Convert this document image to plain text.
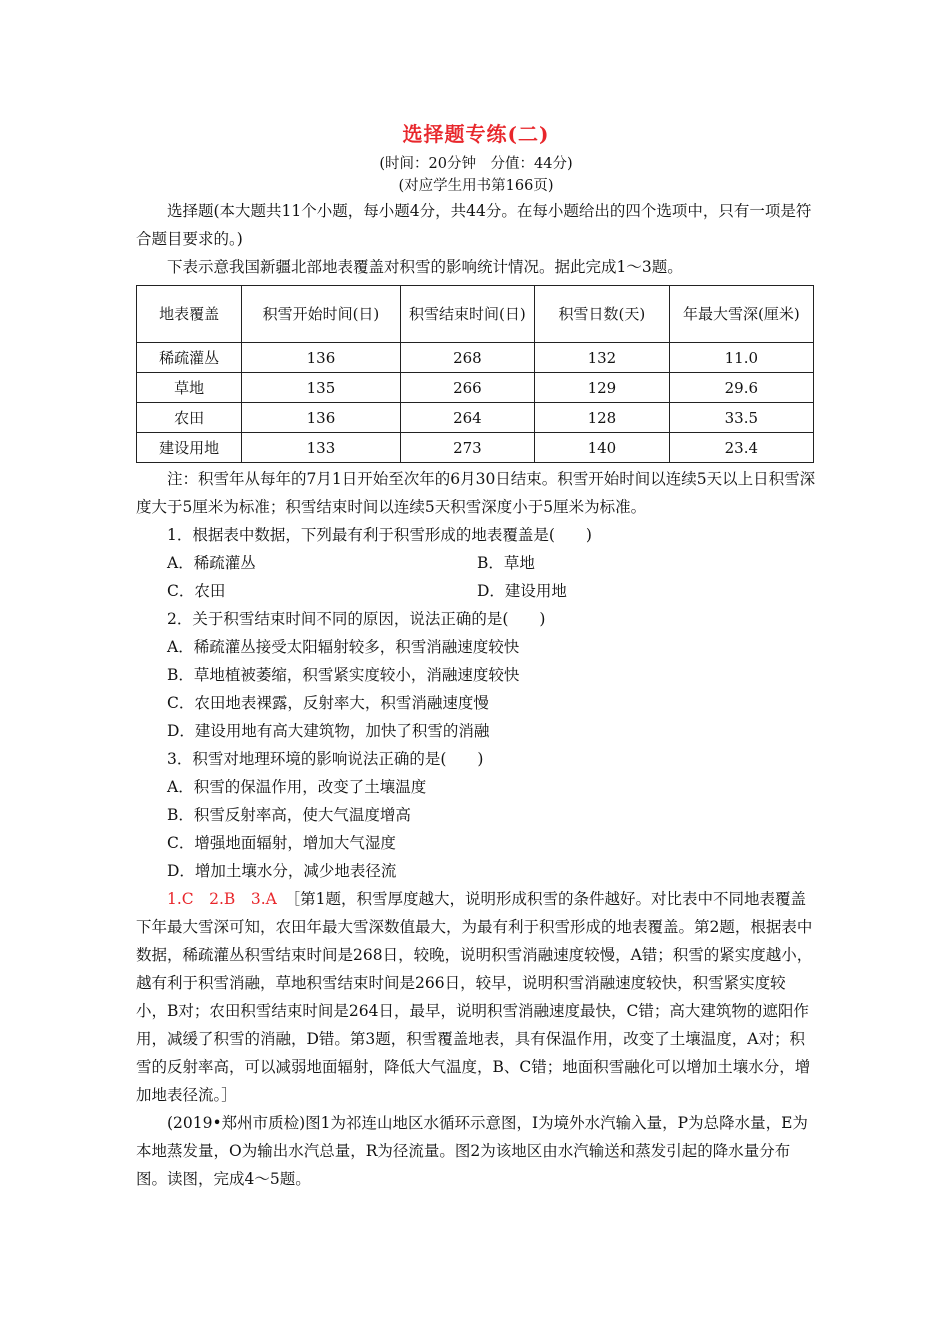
选择题专练(二)
(时间：20分钟　分值：44分)
(对应学生用书第166页)

选择题(本大题共11个小题，每小题4分，共44分。在每小题给出的四个选项中，只有一项是符合题目要求的。)

下表示意我国新疆北部地表覆盖对积雪的影响统计情况。据此完成1～3题。

地表覆盖	积雪开始时间(日)	积雪结束时间(日)	积雪日数(天)	年最大雪深(厘米)
稀疏灌丛	136	268	132	11.0
草地	135	266	129	29.6
农田	136	264	128	33.5
建设用地	133	273	140	23.4

注：积雪年从每年的7月1日开始至次年的6月30日结束。积雪开始时间以连续5天以上日积雪深度大于5厘米为标准；积雪结束时间以连续5天积雪深度小于5厘米为标准。

1．根据表中数据，下列最有利于积雪形成的地表覆盖是(　　)
A．稀疏灌丛	B．草地
C．农田	D．建设用地
2．关于积雪结束时间不同的原因，说法正确的是(　　)
A．稀疏灌丛接受太阳辐射较多，积雪消融速度较快
B．草地植被萎缩，积雪紧实度较小，消融速度较快
C．农田地表裸露，反射率大，积雪消融速度慢
D．建设用地有高大建筑物，加快了积雪的消融
3．积雪对地理环境的影响说法正确的是(　　)
A．积雪的保温作用，改变了土壤温度
B．积雪反射率高，使大气温度增高
C．增强地面辐射，增加大气湿度
D．增加土壤水分，减少地表径流

1.C　2.B　3.A　 ［第1题，积雪厚度越大，说明形成积雪的条件越好。对比表中不同地表覆盖下年最大雪深可知，农田年最大雪深数值最大，为最有利于积雪形成的地表覆盖。第2题，根据表中数据，稀疏灌丛积雪结束时间是268日，较晚，说明积雪消融速度较慢，A错；积雪的紧实度越小，越有利于积雪消融，草地积雪结束时间是266日，较早，说明积雪消融速度较快，积雪紧实度较小，B对；农田积雪结束时间是264日，最早，说明积雪消融速度最快，C错；高大建筑物的遮阳作用，减缓了积雪的消融，D错。第3题，积雪覆盖地表，具有保温作用，改变了土壤温度，A对；积雪的反射率高，可以减弱地面辐射，降低大气温度，B、C错；地面积雪融化可以增加土壤水分，增加地表径流。］

(2019•郑州市质检)图1为祁连山地区水循环示意图，I为境外水汽输入量，P为总降水量，E为本地蒸发量，O为输出水汽总量，R为径流量。图2为该地区由水汽输送和蒸发引起的降水量分布图。读图，完成4～5题。
